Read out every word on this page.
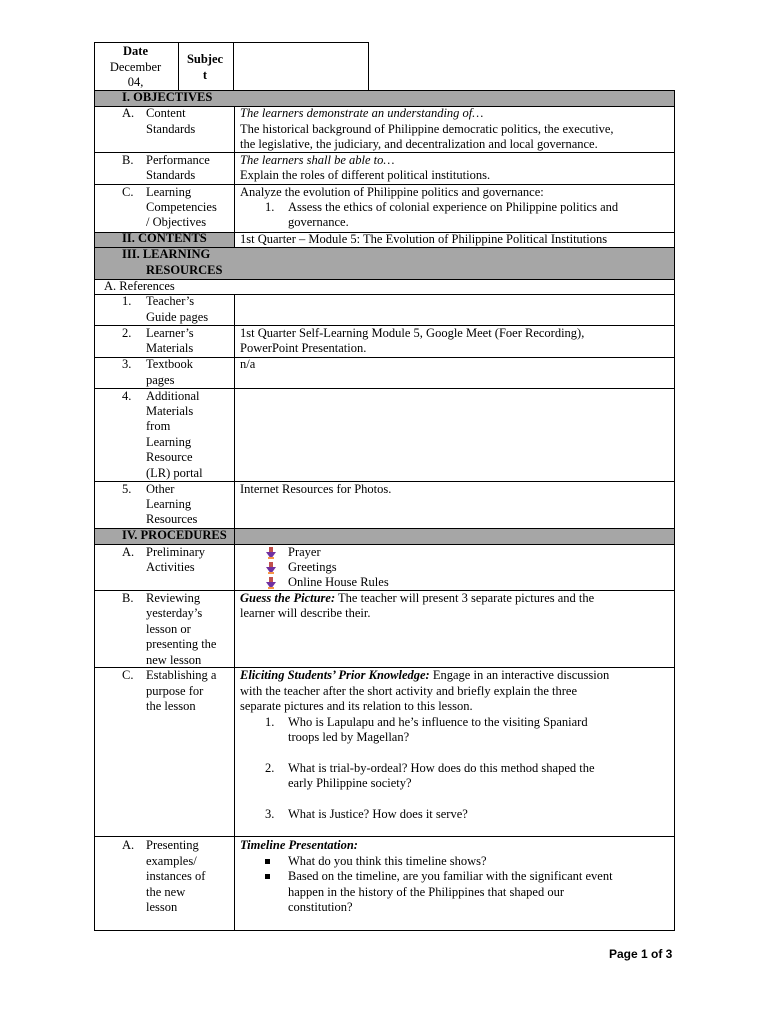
Date
December
04,
Subjec
t
I. OBJECTIVES
A. Content
Standards
The learners demonstrate an understanding of…
The historical background of Philippine democratic politics, the executive,
the legislative, the judiciary, and decentralization and local governance.
B. Performance
Standards
The learners shall be able to…
Explain the roles of different political institutions.
C. Learning
Competencies
/ Objectives
Analyze the evolution of Philippine politics and governance:
1. Assess the ethics of colonial experience on Philippine politics and
governance.
II. CONTENTS	1st Quarter – Module 5: The Evolution of Philippine Political Institutions
III. LEARNING
RESOURCES
A. References
1. Teacher’s
Guide pages
2. Learner’s
Materials
1st Quarter Self-Learning Module 5, Google Meet (Foer Recording),
PowerPoint Presentation.
3. Textbook
pages
n/a
4. Additional
Materials
from
Learning
Resource
(LR) portal
5. Other
Learning
Resources
Internet Resources for Photos.
IV. PROCEDURES
A. Preliminary
Activities
Prayer
Greetings
Online House Rules
B. Reviewing
yesterday’s
lesson or
presenting the
new lesson
Guess the Picture: The teacher will present 3 separate pictures and the
learner will describe their.
C. Establishing a
purpose for
the lesson
Eliciting Students’ Prior Knowledge: Engage in an interactive discussion
with the teacher after the short activity and briefly explain the three
separate pictures and its relation to this lesson.
1. Who is Lapulapu and he’s influence to the visiting Spaniard
troops led by Magellan?
2. What is trial-by-ordeal? How does do this method shaped the
early Philippine society?
3. What is Justice? How does it serve?
A. Presenting
examples/
instances of
the new
lesson
Timeline Presentation:
What do you think this timeline shows?
Based on the timeline, are you familiar with the significant event
happen in the history of the Philippines that shaped our
constitution?
Page 1 of 3
